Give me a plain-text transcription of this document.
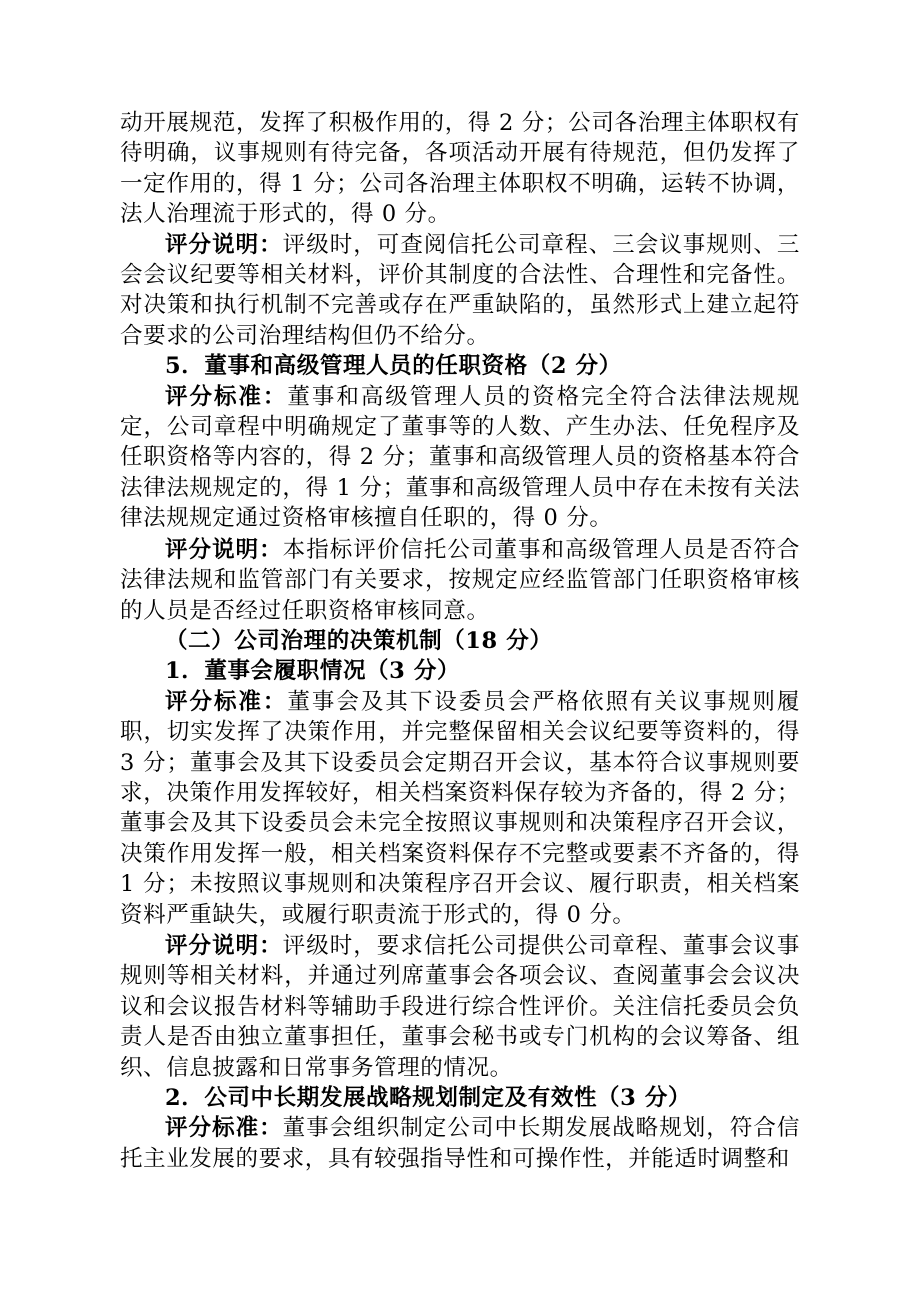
动开展规范，发挥了积极作用的，得 2 分；公司各治理主体职权有待明确，议事规则有待完备，各项活动开展有待规范，但仍发挥了一定作用的，得 1 分；公司各治理主体职权不明确，运转不协调，法人治理流于形式的，得 0 分。

评分说明：评级时，可查阅信托公司章程、三会议事规则、三会会议纪要等相关材料，评价其制度的合法性、合理性和完备性。对决策和执行机制不完善或存在严重缺陷的，虽然形式上建立起符合要求的公司治理结构但仍不给分。

5．董事和高级管理人员的任职资格（2 分）

评分标准：董事和高级管理人员的资格完全符合法律法规规定，公司章程中明确规定了董事等的人数、产生办法、任免程序及任职资格等内容的，得 2 分；董事和高级管理人员的资格基本符合法律法规规定的，得 1 分；董事和高级管理人员中存在未按有关法律法规规定通过资格审核擅自任职的，得 0 分。

评分说明：本指标评价信托公司董事和高级管理人员是否符合法律法规和监管部门有关要求，按规定应经监管部门任职资格审核的人员是否经过任职资格审核同意。

（二）公司治理的决策机制（18 分）

1．董事会履职情况（3 分）

评分标准：董事会及其下设委员会严格依照有关议事规则履职，切实发挥了决策作用，并完整保留相关会议纪要等资料的，得 3 分；董事会及其下设委员会定期召开会议，基本符合议事规则要求，决策作用发挥较好，相关档案资料保存较为齐备的，得 2 分；董事会及其下设委员会未完全按照议事规则和决策程序召开会议，决策作用发挥一般，相关档案资料保存不完整或要素不齐备的，得 1 分；未按照议事规则和决策程序召开会议、履行职责，相关档案资料严重缺失，或履行职责流于形式的，得 0 分。

评分说明：评级时，要求信托公司提供公司章程、董事会议事规则等相关材料，并通过列席董事会各项会议、查阅董事会会议决议和会议报告材料等辅助手段进行综合性评价。关注信托委员会负责人是否由独立董事担任，董事会秘书或专门机构的会议筹备、组织、信息披露和日常事务管理的情况。

2．公司中长期发展战略规划制定及有效性（3 分）

评分标准：董事会组织制定公司中长期发展战略规划，符合信托主业发展的要求，具有较强指导性和可操作性，并能适时调整和
